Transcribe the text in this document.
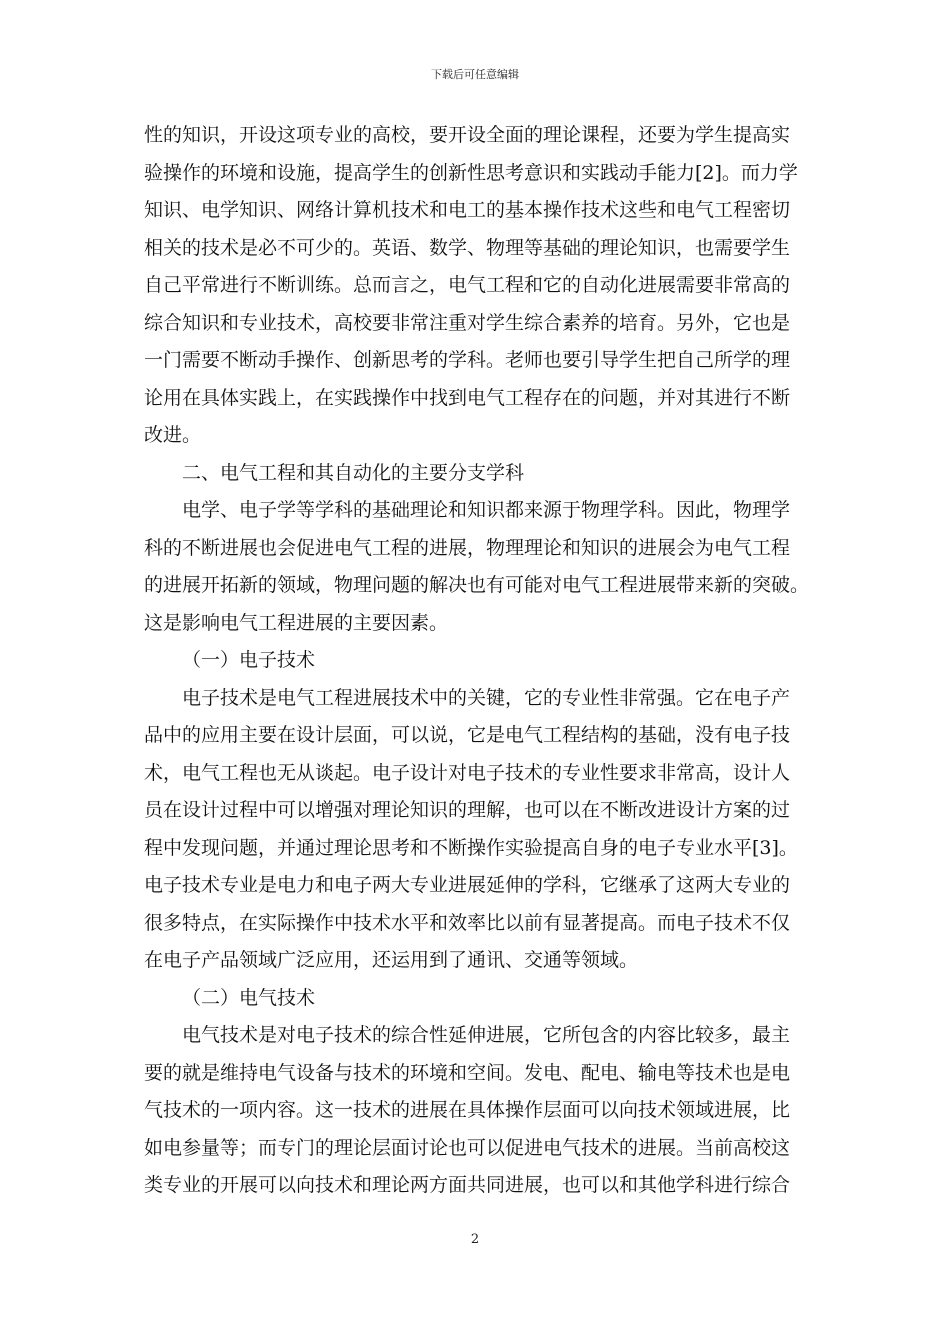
下载后可任意编辑
性的知识，开设这项专业的高校，要开设全面的理论课程，还要为学生提高实
验操作的环境和设施，提高学生的创新性思考意识和实践动手能力[2]。而力学
知识、电学知识、网络计算机技术和电工的基本操作技术这些和电气工程密切
相关的技术是必不可少的。英语、数学、物理等基础的理论知识，也需要学生
自己平常进行不断训练。总而言之，电气工程和它的自动化进展需要非常高的
综合知识和专业技术，高校要非常注重对学生综合素养的培育。另外，它也是
一门需要不断动手操作、创新思考的学科。老师也要引导学生把自己所学的理
论用在具体实践上，在实践操作中找到电气工程存在的问题，并对其进行不断
改进。
二、电气工程和其自动化的主要分支学科
电学、电子学等学科的基础理论和知识都来源于物理学科。因此，物理学
科的不断进展也会促进电气工程的进展，物理理论和知识的进展会为电气工程
的进展开拓新的领域，物理问题的解决也有可能对电气工程进展带来新的突破。
这是影响电气工程进展的主要因素。
（一）电子技术
电子技术是电气工程进展技术中的关键，它的专业性非常强。它在电子产
品中的应用主要在设计层面，可以说，它是电气工程结构的基础，没有电子技
术，电气工程也无从谈起。电子设计对电子技术的专业性要求非常高，设计人
员在设计过程中可以增强对理论知识的理解，也可以在不断改进设计方案的过
程中发现问题，并通过理论思考和不断操作实验提高自身的电子专业水平[3]。
电子技术专业是电力和电子两大专业进展延伸的学科，它继承了这两大专业的
很多特点，在实际操作中技术水平和效率比以前有显著提高。而电子技术不仅
在电子产品领域广泛应用，还运用到了通讯、交通等领域。
（二）电气技术
电气技术是对电子技术的综合性延伸进展，它所包含的内容比较多，最主
要的就是维持电气设备与技术的环境和空间。发电、配电、输电等技术也是电
气技术的一项内容。这一技术的进展在具体操作层面可以向技术领域进展，比
如电参量等；而专门的理论层面讨论也可以促进电气技术的进展。当前高校这
类专业的开展可以向技术和理论两方面共同进展，也可以和其他学科进行综合
2
